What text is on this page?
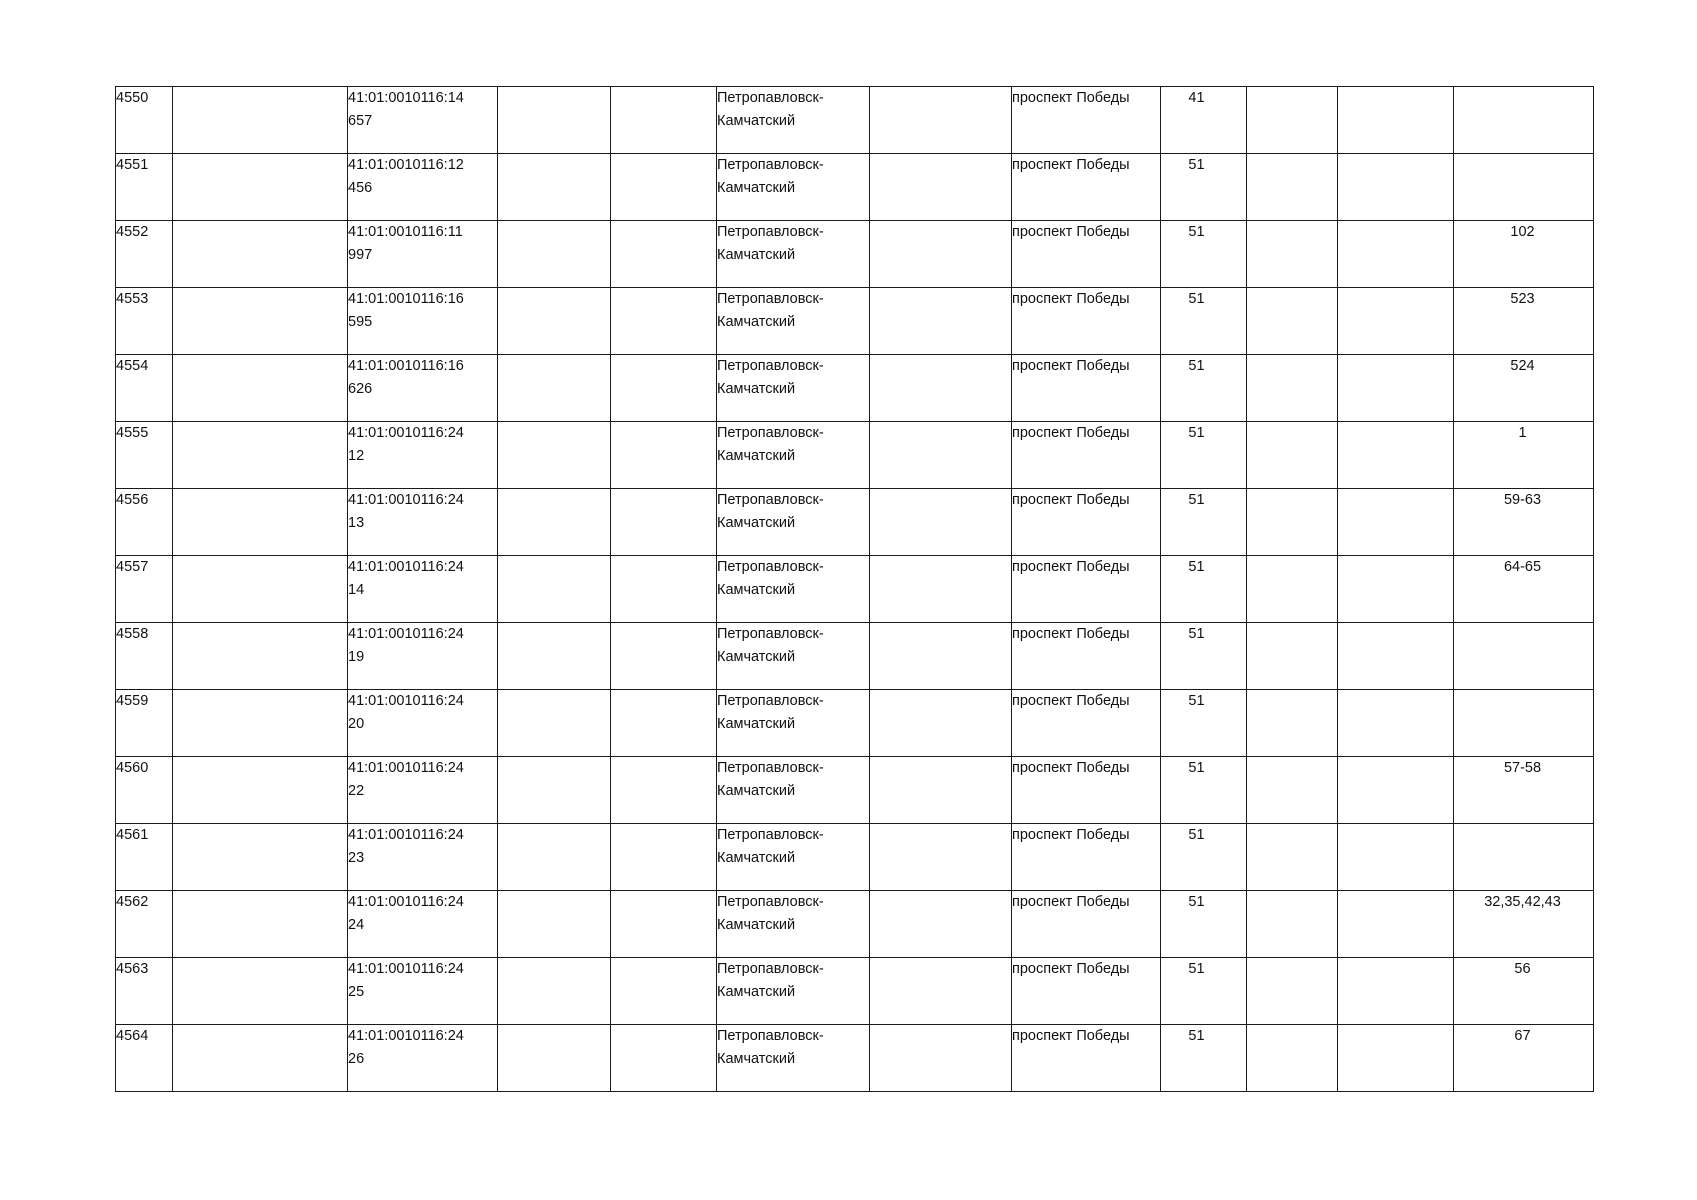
4550		41:01:0010116:14
657			Петропавловск-
Камчатский		проспект Победы	41			

4551		41:01:0010116:12
456			Петропавловск-
Камчатский		проспект Победы	51			

4552		41:01:0010116:11
997			Петропавловск-
Камчатский		проспект Победы	51			102

4553		41:01:0010116:16
595			Петропавловск-
Камчатский		проспект Победы	51			523

4554		41:01:0010116:16
626			Петропавловск-
Камчатский		проспект Победы	51			524

4555		41:01:0010116:24
12			Петропавловск-
Камчатский		проспект Победы	51			1

4556		41:01:0010116:24
13			Петропавловск-
Камчатский		проспект Победы	51			59-63

4557		41:01:0010116:24
14			Петропавловск-
Камчатский		проспект Победы	51			64-65

4558		41:01:0010116:24
19			Петропавловск-
Камчатский		проспект Победы	51			

4559		41:01:0010116:24
20			Петропавловск-
Камчатский		проспект Победы	51			

4560		41:01:0010116:24
22			Петропавловск-
Камчатский		проспект Победы	51			57-58

4561		41:01:0010116:24
23			Петропавловск-
Камчатский		проспект Победы	51			

4562		41:01:0010116:24
24			Петропавловск-
Камчатский		проспект Победы	51			32,35,42,43

4563		41:01:0010116:24
25			Петропавловск-
Камчатский		проспект Победы	51			56

4564		41:01:0010116:24
26			Петропавловск-
Камчатский		проспект Победы	51			67
